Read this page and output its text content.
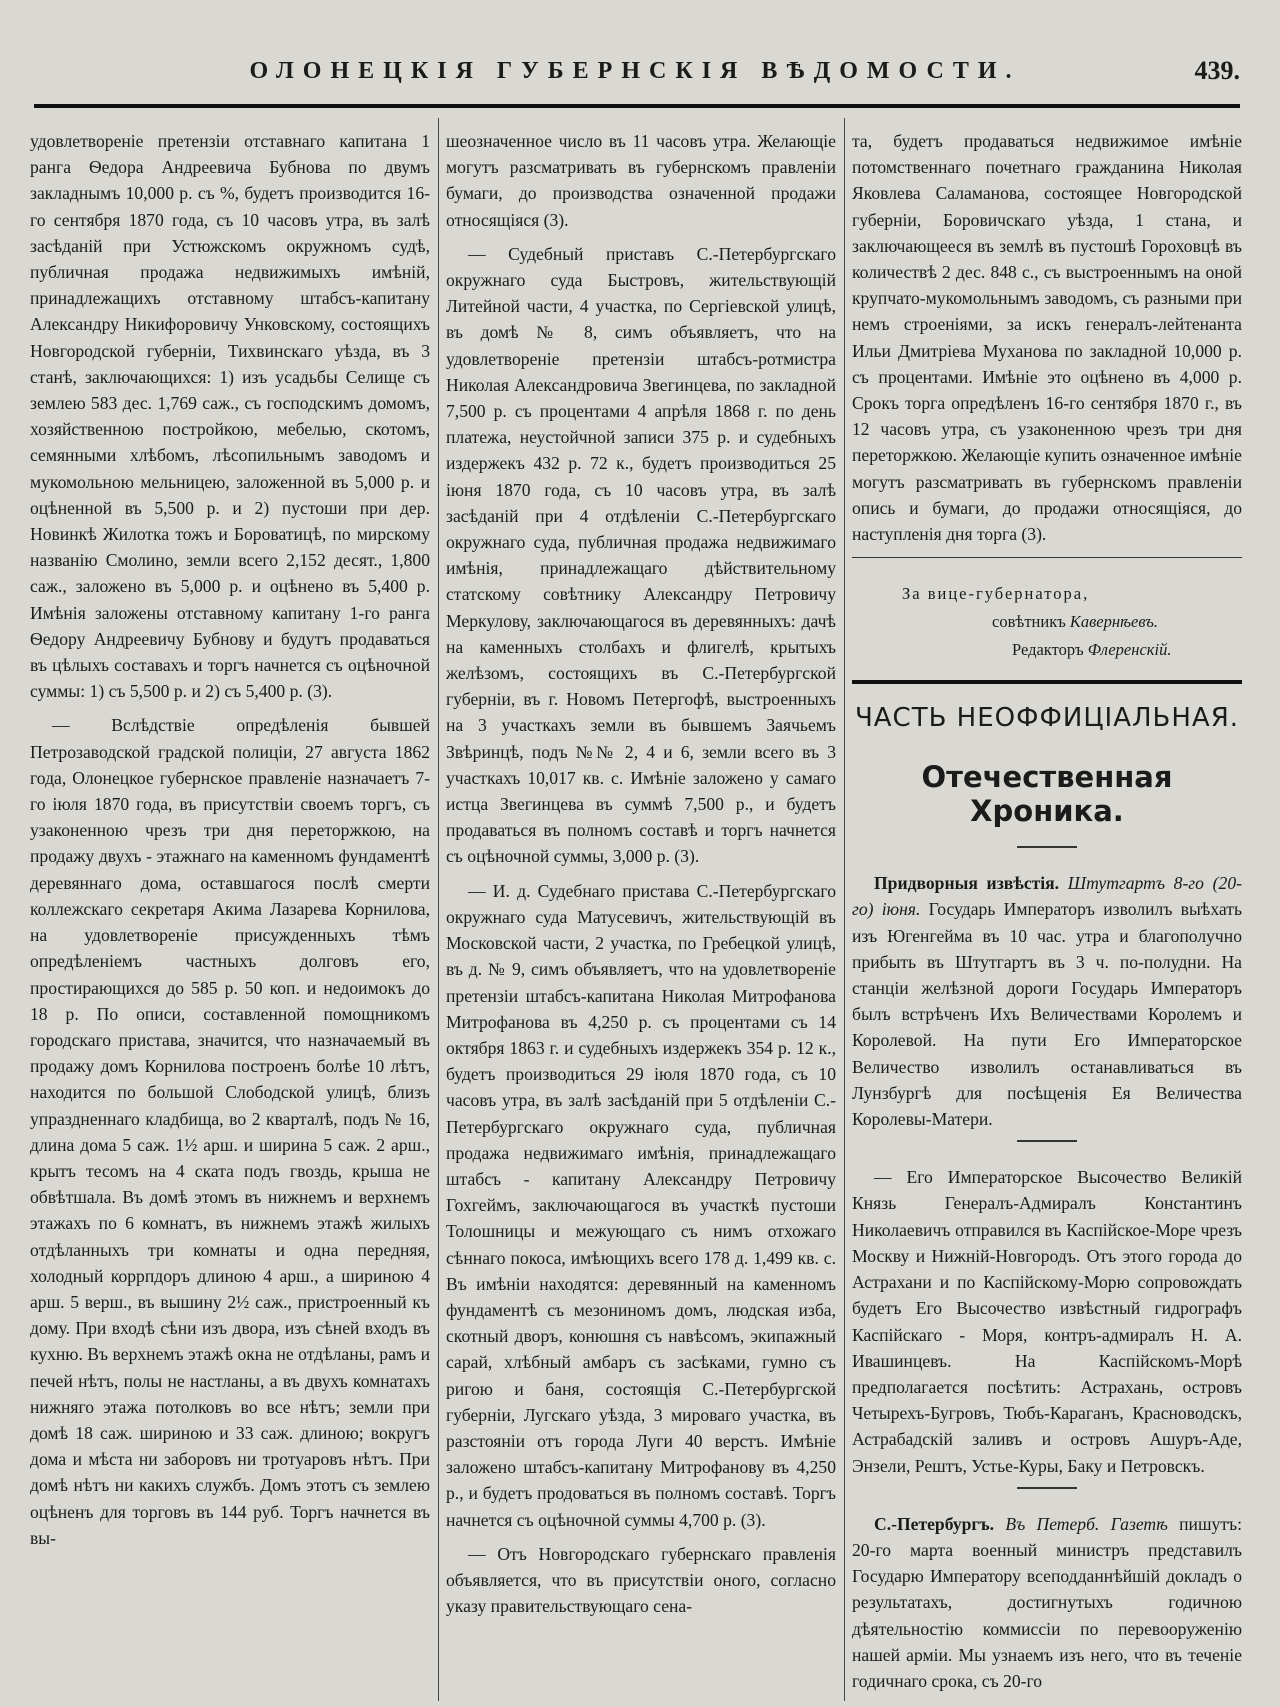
ОЛОНЕЦКІЯ ГУБЕРНСКІЯ ВѢДОМОСТИ.	439.

удовлетвореніе претензіи отставнаго капитана 1 ранга Ѳедора Андреевича Бубнова по двумъ закладнымъ 10,000 р. съ %, будетъ производится 16-го сентября 1870 года, съ 10 часовъ утра, въ залѣ засѣданій при Устюжскомъ окружномъ судѣ, публичная продажа недвижимыхъ имѣній, принадлежащихъ отставному штабсъ-капитану Александру Никифоровичу Унковскому, состоящихъ Новгородской губерніи, Тихвинскаго уѣзда, въ 3 станѣ, заключающихся: 1) изъ усадьбы Селище съ землею 583 дес. 1,769 саж., съ господскимъ домомъ, хозяйственною постройкою, мебелью, скотомъ, семянными хлѣбомъ, лѣсопильнымъ заводомъ и мукомольною мельницею, заложенной въ 5,000 р. и оцѣненной въ 5,500 р. и 2) пустоши при дер. Новинкѣ Жилотка тожъ и Бороватицѣ, по мирскому названію Смолино, земли всего 2,152 десят., 1,800 саж., заложено въ 5,000 р. и оцѣнено въ 5,400 р. Имѣнія заложены отставному капитану 1-го ранга Ѳедору Андреевичу Бубнову и будутъ продаваться въ цѣлыхъ составахъ и торгъ начнется съ оцѣночной суммы: 1) съ 5,500 р. и 2) съ 5,400 р. (3).

— Вслѣдствіе опредѣленія бывшей Петрозаводской градской полиціи, 27 августа 1862 года, Олонецкое губернское правленіе назначаетъ 7-го іюля 1870 года, въ присутствіи своемъ торгъ, съ узаконенною чрезъ три дня переторжкою, на продажу двухъ - этажнаго на каменномъ фундаментѣ деревяннаго дома, оставшагося послѣ смерти коллежскаго секретаря Акима Лазарева Корнилова, на удовлетвореніе присужденныхъ тѣмъ опредѣленіемъ частныхъ долговъ его, простирающихся до 585 р. 50 коп. и недоимокъ до 18 р. По описи, составленной помощникомъ городскаго пристава, значится, что назначаемый въ продажу домъ Корнилова построенъ болѣе 10 лѣтъ, находится по большой Слободской улицѣ, близъ упраздненнаго кладбища, во 2 кварталѣ, подъ № 16, длина дома 5 саж. 1½ арш. и ширина 5 саж. 2 арш., крытъ тесомъ на 4 ската подъ гвоздь, крыша не обвѣтшала. Въ домѣ этомъ въ нижнемъ и верхнемъ этажахъ по 6 комнатъ, въ нижнемъ этажѣ жилыхъ отдѣланныхъ три комнаты и одна передняя, холодный коррпдоръ длиною 4 арш., а шириною 4 арш. 5 верш., въ вышину 2½ саж., пристроенный къ дому. При входѣ сѣни изъ двора, изъ сѣней входъ въ кухню. Въ верхнемъ этажѣ окна не отдѣланы, рамъ и печей нѣтъ, полы не настланы, а въ двухъ комнатахъ нижняго этажа потолковъ во все нѣтъ; земли при домѣ 18 саж. шириною и 33 саж. длиною; вокругъ дома и мѣста ни заборовъ ни тротуаровъ нѣтъ. При домѣ нѣтъ ни какихъ службъ. Домъ этотъ съ землею оцѣненъ для торговъ въ 144 руб. Торгъ начнется въ вы-

шеозначенное число въ 11 часовъ утра. Желающіе могутъ разсматривать въ губернскомъ правленіи бумаги, до производства означенной продажи относящіяся (3).

— Судебный приставъ С.-Петербургскаго окружнаго суда Быстровъ, жительствующій Литейной части, 4 участка, по Сергіевской улицѣ, въ домѣ № 8, симъ объявляетъ, что на удовлетвореніе претензіи штабсъ-ротмистра Николая Александровича Звегинцева, по закладной 7,500 р. съ процентами 4 апрѣля 1868 г. по день платежа, неустойчной записи 375 р. и судебныхъ издержекъ 432 р. 72 к., будетъ производиться 25 іюня 1870 года, съ 10 часовъ утра, въ залѣ засѣданій при 4 отдѣленіи С.-Петербургскаго окружнаго суда, публичная продажа недвижимаго имѣнія, принадлежащаго дѣйствительному статскому совѣтнику Александру Петровичу Меркулову, заключающагося въ деревянныхъ: дачѣ на каменныхъ столбахъ и флигелѣ, крытыхъ желѣзомъ, состоящихъ въ С.-Петербургской губерніи, въ г. Новомъ Петергофѣ, выстроенныхъ на 3 участкахъ земли въ бывшемъ Заячьемъ Звѣринцѣ, подъ №№ 2, 4 и 6, земли всего въ 3 участкахъ 10,017 кв. с. Имѣніе заложено у самаго истца Звегинцева въ суммѣ 7,500 р., и будетъ продаваться въ полномъ составѣ и торгъ начнется съ оцѣночной суммы, 3,000 р. (3).

— И. д. Судебнаго пристава С.-Петербургскаго окружнаго суда Матусевичъ, жительствующій въ Московской части, 2 участка, по Гребецкой улицѣ, въ д. № 9, симъ объявляетъ, что на удовлетвореніе претензіи штабсъ-капитана Николая Митрофанова Митрофанова въ 4,250 р. съ процентами съ 14 октября 1863 г. и судебныхъ издержекъ 354 р. 12 к., будетъ производиться 29 іюля 1870 года, съ 10 часовъ утра, въ залѣ засѣданій при 5 отдѣленіи С.-Петербургскаго окружнаго суда, публичная продажа недвижимаго имѣнія, принадлежащаго штабсъ - капитану Александру Петровичу Гохгеймъ, заключающагося въ участкѣ пустоши Толошницы и межующаго съ нимъ отхожаго сѣннаго покоса, имѣющихъ всего 178 д. 1,499 кв. с. Въ имѣніи находятся: деревянный на каменномъ фундаментѣ съ мезониномъ домъ, людская изба, скотный дворъ, конюшня съ навѣсомъ, экипажный сарай, хлѣбный амбаръ съ засѣками, гумно съ ригою и баня, состоящія С.-Петербургской губерніи, Лугскаго уѣзда, 3 мироваго участка, въ разстояніи отъ города Луги 40 верстъ. Имѣніе заложено штабсъ-капитану Митрофанову въ 4,250 р., и будетъ продоваться въ полномъ составѣ. Торгъ начнется съ оцѣночной суммы 4,700 р. (3).

— Отъ Новгородскаго губернскаго правленія объявляется, что въ присутствіи оного, согласно указу правительствующаго сена-

та, будетъ продаваться недвижимое имѣніе потомственнаго почетнаго гражданина Николая Яковлева Саламанова, состоящее Новгородской губерніи, Боровичскаго уѣзда, 1 стана, и заключающееся въ землѣ въ пустошѣ Гороховцѣ въ количествѣ 2 дес. 848 с., съ выстроеннымъ на оной крупчато-мукомольнымъ заводомъ, съ разными при немъ строеніями, за искъ генералъ-лейтенанта Ильи Дмитріева Муханова по закладной 10,000 р. съ процентами. Имѣніе это оцѣнено въ 4,000 р. Срокъ торга опредѣленъ 16-го сентября 1870 г., въ 12 часовъ утра, съ узаконенною чрезъ три дня переторжкою. Желающіе купить означенное имѣніе могутъ разсматривать въ губернскомъ правленіи опись и бумаги, до продажи относящіяся, до наступленія дня торга (3).

За вице-губернатора,
совѣтникъ Кавернѣевъ.
Редакторъ Флеренскій.
ЧАСТЬ НЕОФФИЦІАЛЬНАЯ.
Отечественная Хроника.

Придворныя извѣстія. Штутгартъ 8-го (20-го) іюня. Государь Императоръ изволилъ выѣхать изъ Югенгейма въ 10 час. утра и благополучно прибыть въ Штутгартъ въ 3 ч. по-полудни. На станціи желѣзной дороги Государь Императоръ былъ встрѣченъ Ихъ Величествами Королемъ и Королевой. На пути Его Императорское Величество изволилъ останавливаться въ Лунзбургѣ для посѣщенія Ея Величества Королевы-Матери.

— Его Императорское Высочество Великій Князь Генералъ-Адмиралъ Константинъ Николаевичъ отправился въ Каспійское-Море чрезъ Москву и Нижній-Новгородъ. Отъ этого города до Астрахани и по Каспійскому-Морю сопровождать будетъ Его Высочество извѣстный гидрографъ Каспійскаго - Моря, контръ-адмиралъ Н. А. Ивашинцевъ. На Каспійскомъ-Морѣ предполагается посѣтить: Астрахань, островъ Четырехъ-Бугровъ, Тюбъ-Караганъ, Красноводскъ, Астрабадскій заливъ и островъ Ашуръ-Аде, Энзели, Рештъ, Устье-Куры, Баку и Петровскъ.

С.-Петербургъ. Въ Петерб. Газетѣ пишутъ: 20-го марта военный министръ представилъ Государю Императору всеподданнѣйшій докладъ о результатахъ, достигнутыхъ годичною дѣятельностію коммиссіи по перевооруженію нашей арміи. Мы узнаемъ изъ него, что въ теченіе годичнаго срока, съ 20-го
